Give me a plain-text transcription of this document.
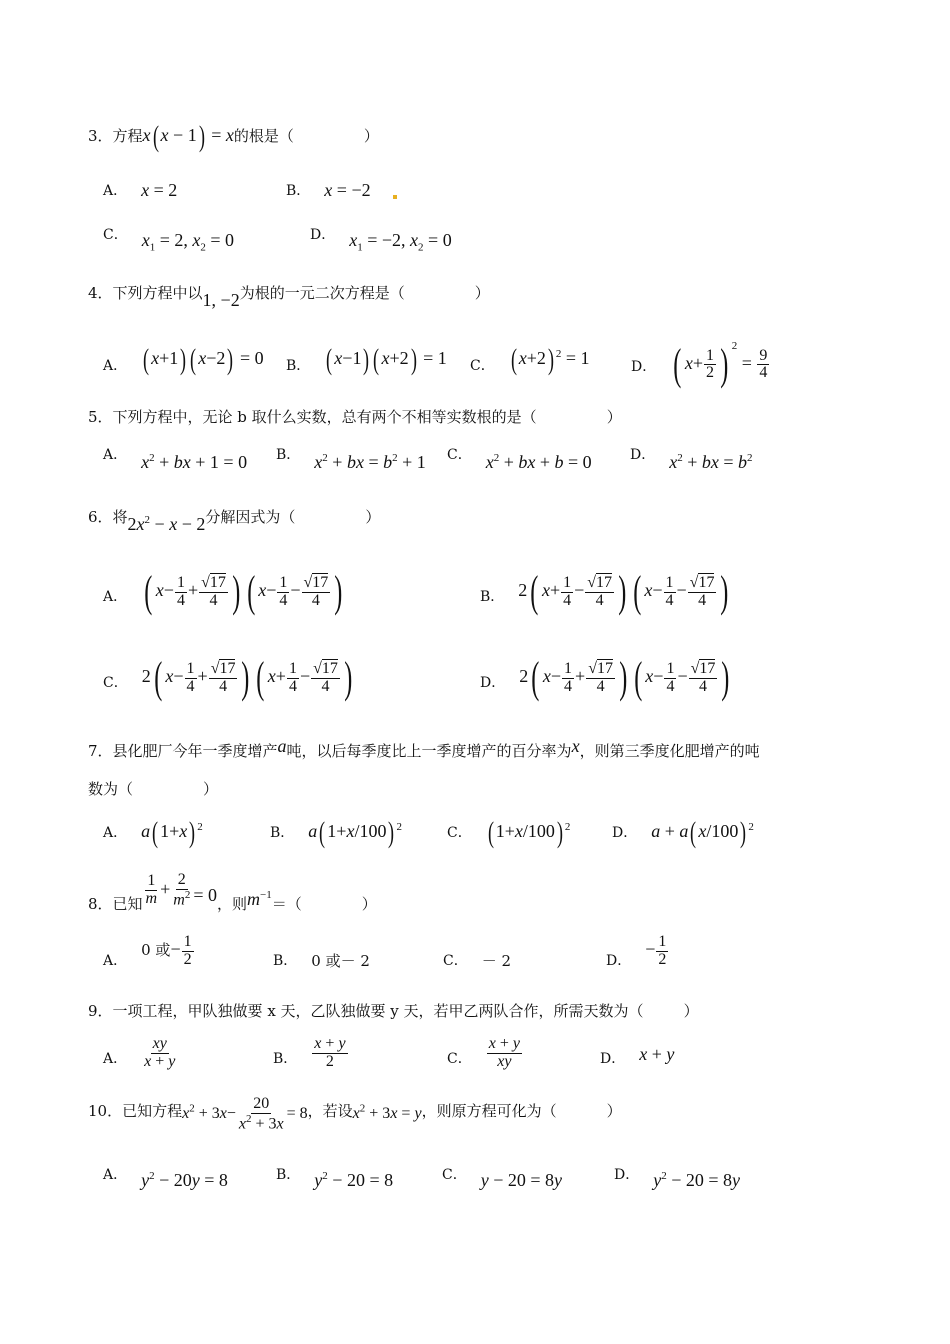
3．方程x( x − 1) = x的根是（	）
A． x = 2	B． x = −2
C． $x_1 = 2$, $x_2 = 0$	D． $x_1 = -2$, $x_2 = 0$
4．下列方程中以1, −2为根的一元二次方程是（	）
A． ( x+1) ( x−2) = 0 B． ( x−1) ( x+2) = 1 C． ( x+2) $^2$ = 1	D． ( $x+ \frac{1}{2}$ ) $^2 = \frac{9}{4}$
5．下列方程中，无论 b 取什么实数，总有两个不相等实数根的是（	）
A． $x^2$ + bx + 1 = 0 B． $x^2$ + bx = $b^2 + 1$ C． $x^2$ + bx + b = 0	D． $x^2$ + bx = $b^2$
6．将$2x^2 - x - 2$分解因式为（	）
A． ( $x- \frac{1}{4} + \frac{√17}{4}$ ) ( $x- \frac{1}{4} - \frac{√17}{4}$ )	B． 2( $x+ \frac{1}{4} - \frac{√17}{4}$ ) ( $x- \frac{1}{4} - \frac{√17}{4}$ )
C． 2( $x- \frac{1}{4} + \frac{√17}{4}$ ) ( $x+ \frac{1}{4} - \frac{√17}{4}$ )	D． 2( $x- \frac{1}{4} + \frac{√17}{4}$ ) ( $x- \frac{1}{4} - \frac{√17}{4}$ )
7．县化肥厂今年一季度增产a吨，以后每季度比上一季度增产的百分率为x，则第三季度化肥增产的吨
数为（	）
A． a( 1+x) $^2$	B． a( 1+x/100) $^2$	C． ( 1+x/100) $^2$	D． a + a( x/100) $^2$
8．已知 $\frac{1}{m} + \frac{2}{m^2} = 0$，则$m^{-1}=$（	）
A．0 或− $\frac{1}{2}$	B． 0 或－ 2	C． － 2	D．− $\frac{1}{2}$
9．一项工程，甲队独做要 x 天，乙队独做要 y 天，若甲乙两队合作，所需天数为（	）
A． $\frac{xy}{x + y}$	B． $\frac{x + y}{2}$	C． $\frac{x + y}{xy}$	D． x + y
10．已知方程$x^2 + 3x- \frac{20}{x^2 + 3x} = 8$，若设$x^2 + 3x = y$，则原方程可化为（	）
A． $y^2 - 20y = 8$	B． $y^2 - 20 = 8$	C． y − 20 = 8y	D． $y^2 - 20 = 8y$
